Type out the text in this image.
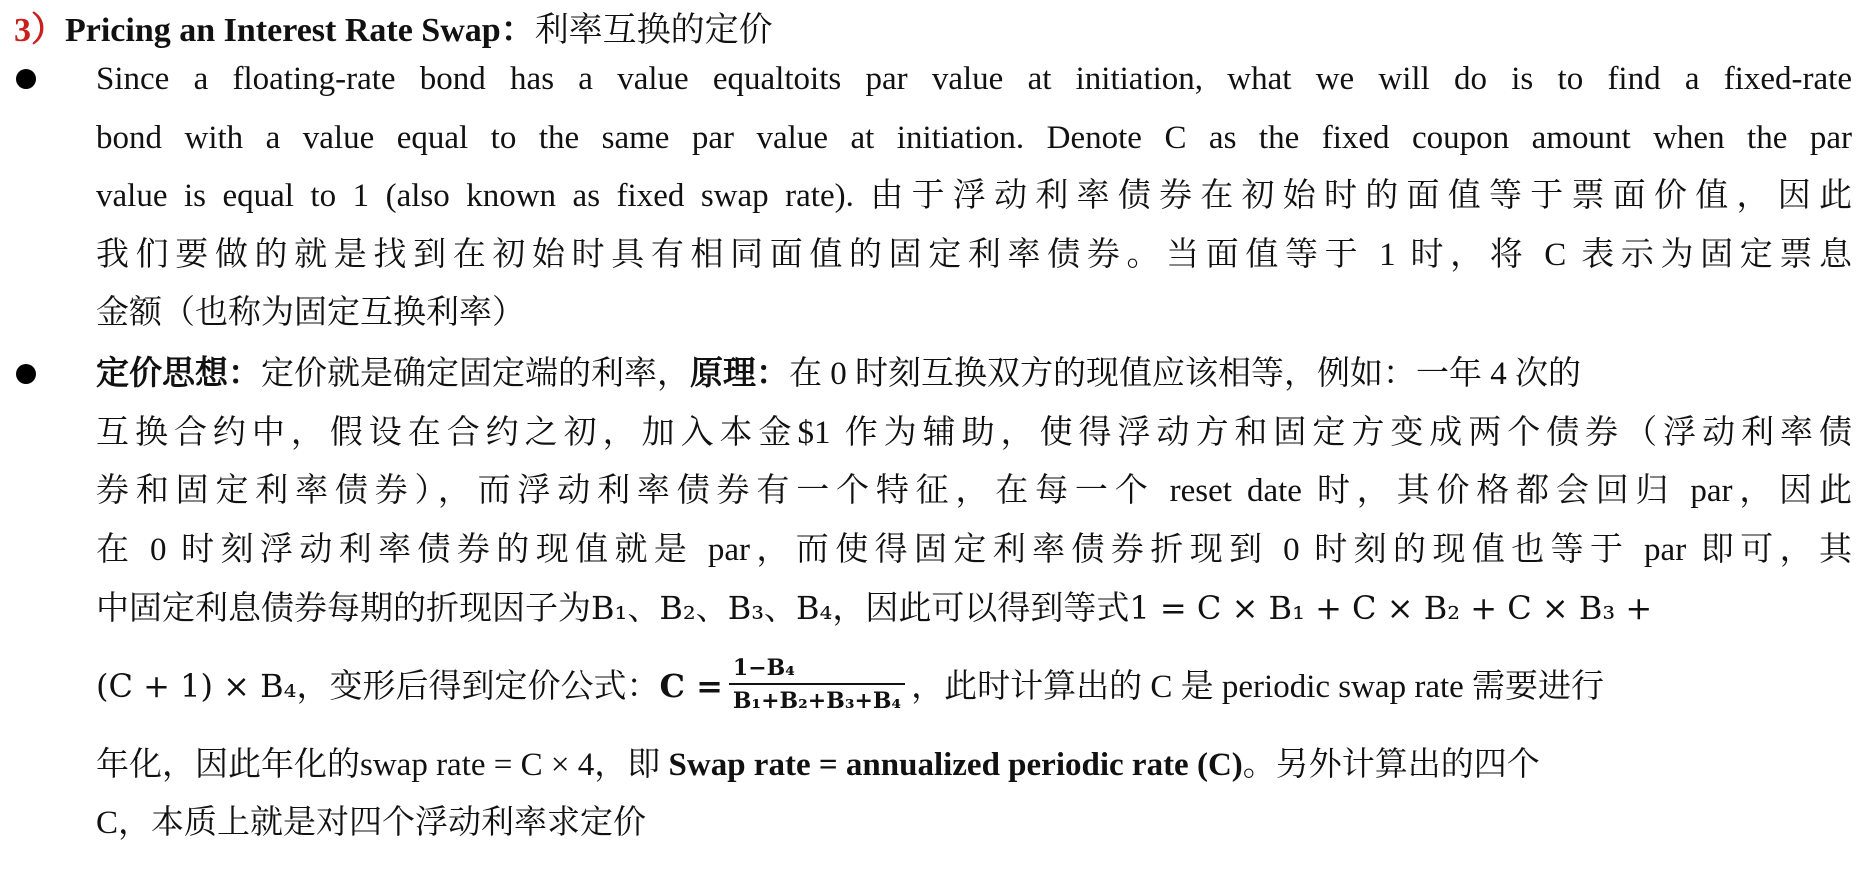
3）Pricing an Interest Rate Swap：利率互换的定价
Since a floating-rate bond has a value equaltoits par value at initiation, what we will do is to find a fixed-rate
bond with a value equal to the same par value at initiation. Denote C as the fixed coupon amount when the par
value is equal to 1 (also known as fixed swap rate). 由于浮动利率债券在初始时的面值等于票面价值，因此
我们要做的就是找到在初始时具有相同面值的固定利率债券。当面值等于 1 时，将 C 表示为固定票息
金额（也称为固定互换利率）
定价思想：定价就是确定固定端的利率，原理：在 0 时刻互换双方的现值应该相等，例如：一年 4 次的
互换合约中，假设在合约之初，加入本金$1 作为辅助，使得浮动方和固定方变成两个债券（浮动利率债
券和固定利率债券），而浮动利率债券有一个特征，在每一个 reset date 时，其价格都会回归 par，因此
在 0 时刻浮动利率债券的现值就是 par，而使得固定利率债券折现到 0 时刻的现值也等于 par 即可，其
中固定利息债券每期的折现因子为B₁、B₂、B₃、B₄，因此可以得到等式1 = C × B₁ + C × B₂ + C × B₃ +
(C + 1) × B₄，变形后得到定价公式：$C = \frac{\text{1−B₄}}{\text{B₁+B₂+B₃+B₄}}$ ，此时计算出的 C 是 periodic swap rate 需要进行
年化，因此年化的swap rate = C × 4，即 Swap rate = annualized periodic rate (C)。另外计算出的四个
C，本质上就是对四个浮动利率求定价
